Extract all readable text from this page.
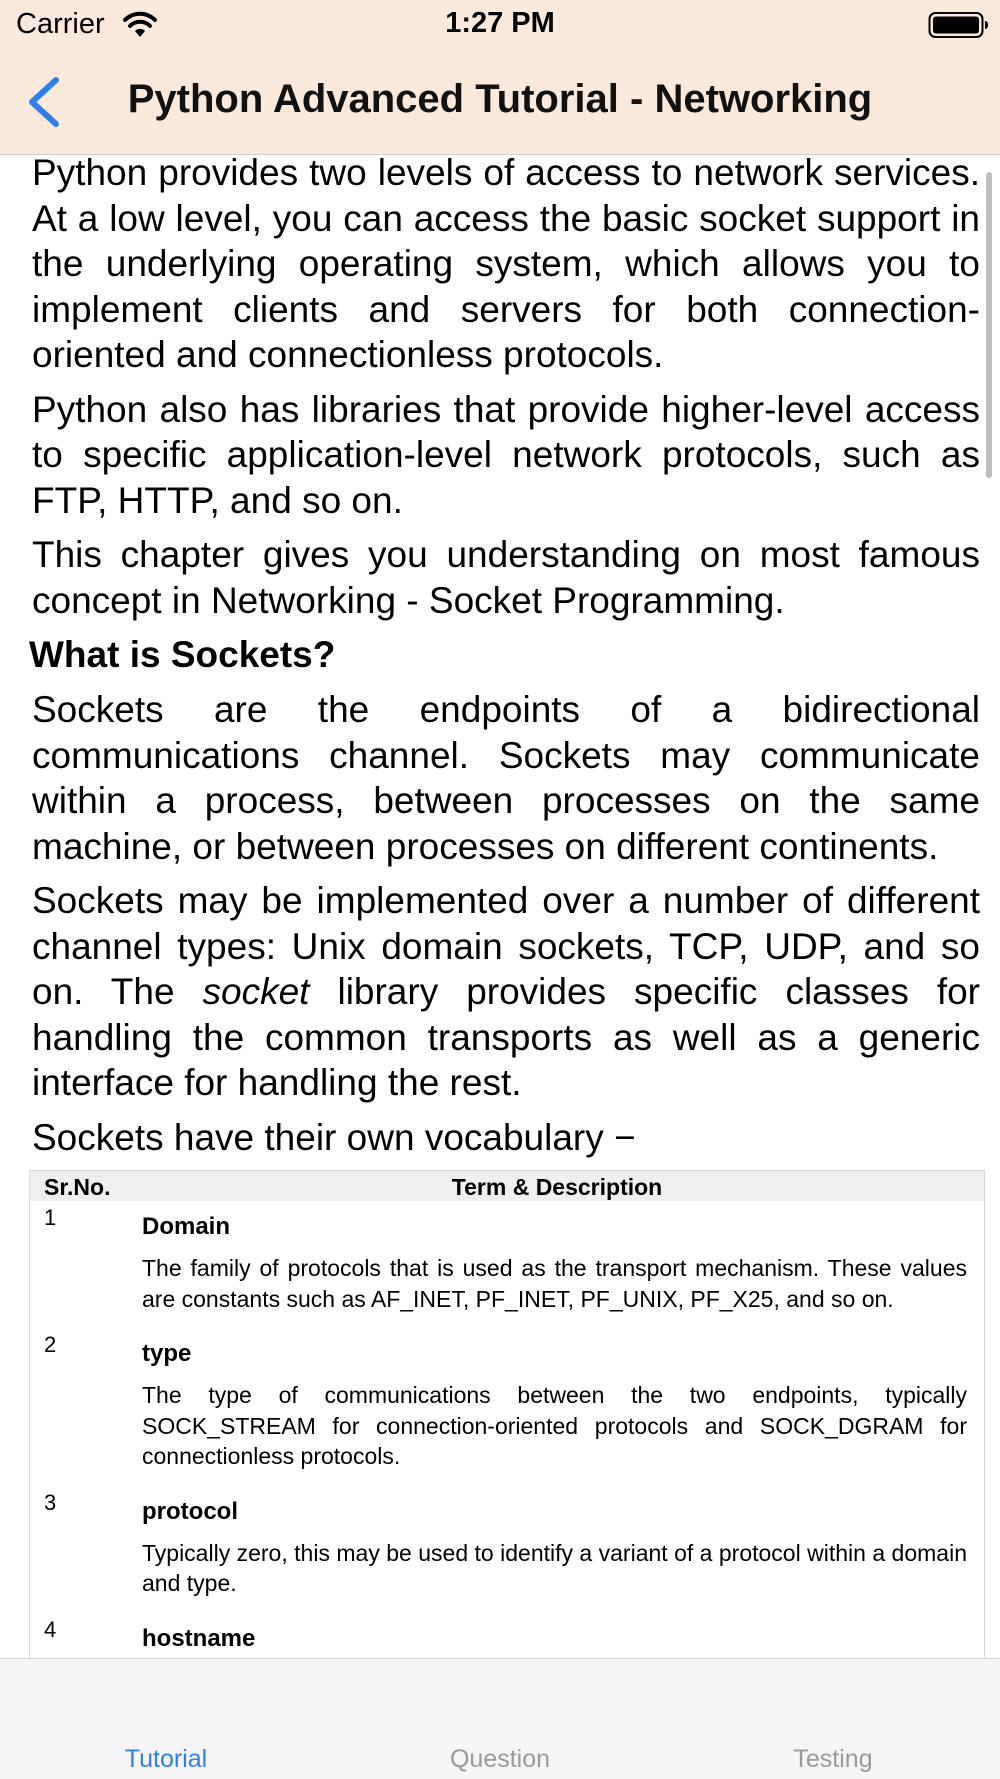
Carrier	1:27 PM
Python Advanced Tutorial - Networking

Python provides two levels of access to network services. At a low level, you can access the basic socket support in the underlying operating system, which allows you to implement clients and servers for both connection-oriented and connectionless protocols.

Python also has libraries that provide higher-level access to specific application-level network protocols, such as FTP, HTTP, and so on.

This chapter gives you understanding on most famous concept in Networking - Socket Programming.

What is Sockets?

Sockets are the endpoints of a bidirectional communications channel. Sockets may communicate within a process, between processes on the same machine, or between processes on different continents.

Sockets may be implemented over a number of different channel types: Unix domain sockets, TCP, UDP, and so on. The socket library provides specific classes for handling the common transports as well as a generic interface for handling the rest.

Sockets have their own vocabulary −

Sr.No.	Term & Description
1	Domain

The family of protocols that is used as the transport mechanism. These values are constants such as AF_INET, PF_INET, PF_UNIX, PF_X25, and so on.

2	type

The type of communications between the two endpoints, typically SOCK_STREAM for connection-oriented protocols and SOCK_DGRAM for connectionless protocols.

3	protocol

Typically zero, this may be used to identify a variant of a protocol within a domain and type.

4	hostname

Tutorial	Question	Testing
